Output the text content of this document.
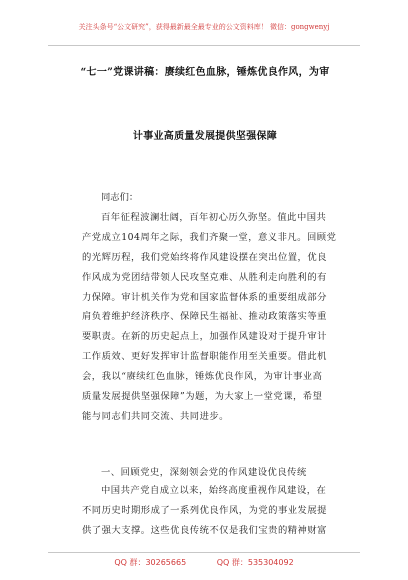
关注头条号“公文研究”，获得最新最全最专业的公文资料库！ 微信：gongwenyj
“七一”党课讲稿：赓续红色血脉，锤炼优良作风，为审
计事业高质量发展提供坚强保障
同志们：
百年征程波澜壮阔，百年初心历久弥坚。值此中国共
产党成立104周年之际，我们齐聚一堂，意义非凡。回顾党
的光辉历程，我们党始终将作风建设摆在突出位置，优良
作风成为党团结带领人民攻坚克难、从胜利走向胜利的有
力保障。审计机关作为党和国家监督体系的重要组成部分
肩负着维护经济秩序、保障民生福祉、推动政策落实等重
要职责。在新的历史起点上，加强作风建设对于提升审计
工作质效、更好发挥审计监督职能作用至关重要。借此机
会，我以“赓续红色血脉，锤炼优良作风，为审计事业高
质量发展提供坚强保障”为题，为大家上一堂党课，希望
能与同志们共同交流、共同进步。
一、回顾党史，深刻领会党的作风建设优良传统
中国共产党自成立以来，始终高度重视作风建设，在
不同历史时期形成了一系列优良作风，为党的事业发展提
供了强大支撑。这些优良传统不仅是我们宝贵的精神财富
QQ 群：30265665	QQ 群：535304092
